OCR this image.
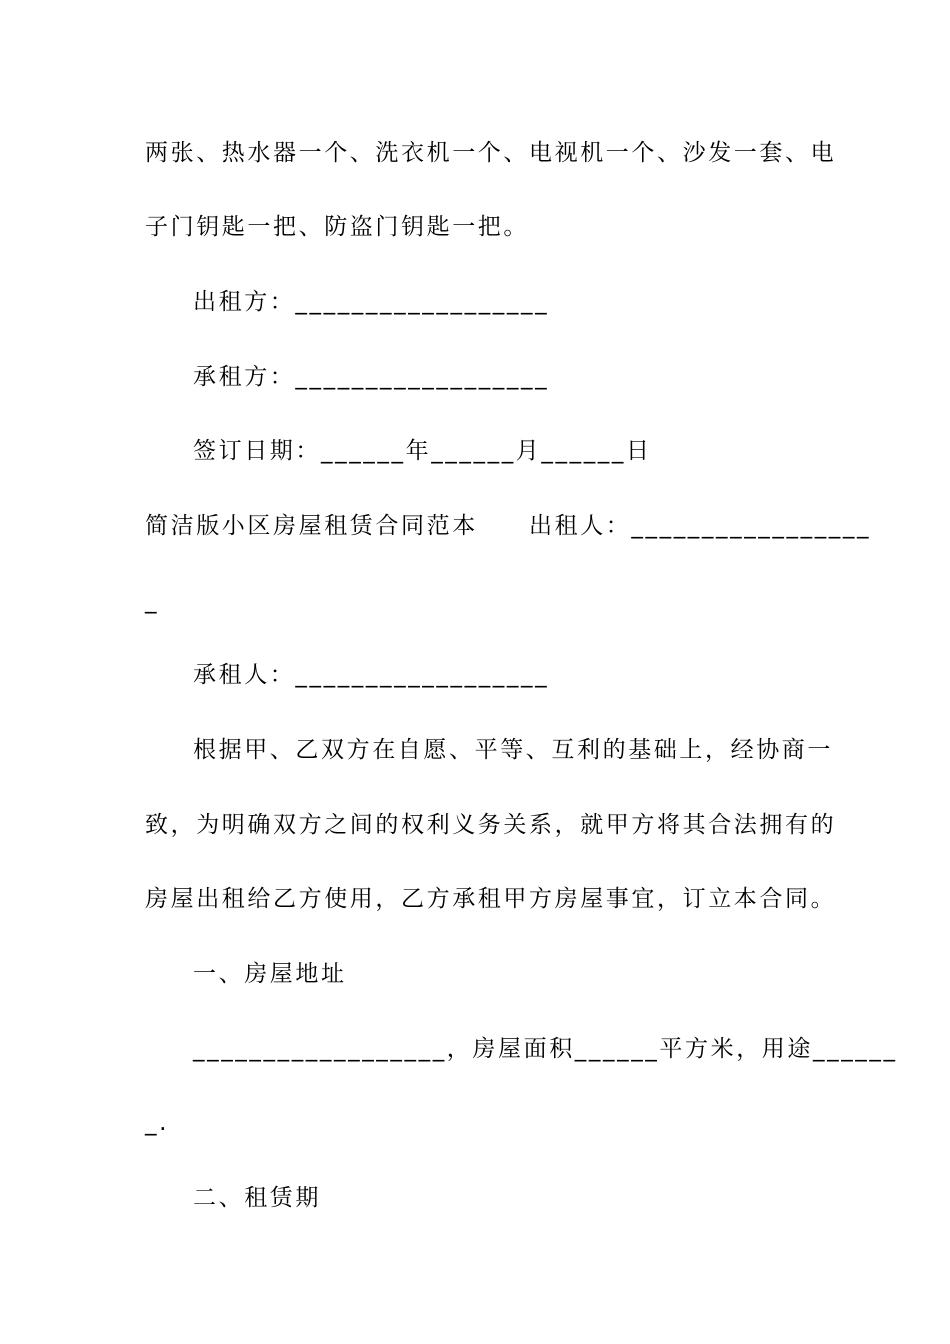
两张、热水器一个、洗衣机一个、电视机一个、沙发一套、电
子门钥匙一把、防盗门钥匙一把。
出租方：__________________
承租方：__________________
签订日期：______年______月______日
简洁版小区房屋租赁合同范本　　出租人：_________________
_
承租人：__________________
根据甲、乙双方在自愿、平等、互利的基础上，经协商一
致，为明确双方之间的权利义务关系，就甲方将其合法拥有的
房屋出租给乙方使用，乙方承租甲方房屋事宜，订立本合同。
一、房屋地址
__________________，房屋面积______平方米，用途______
_.
二、租赁期
